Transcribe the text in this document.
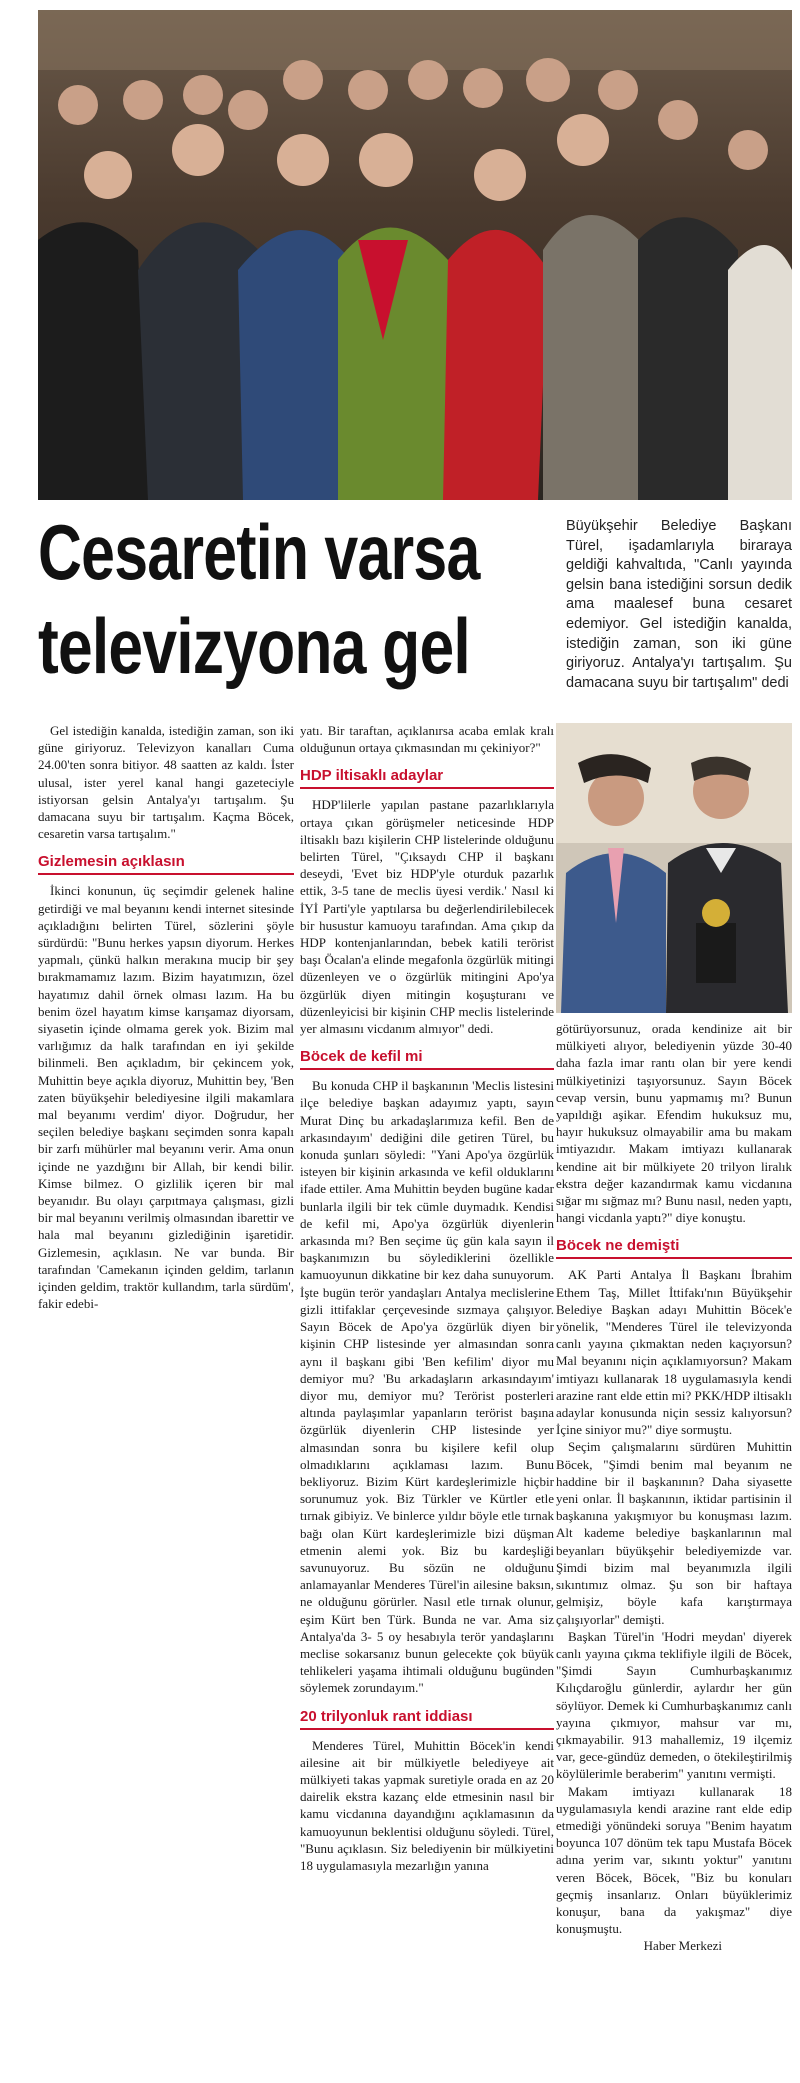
Cesaretin varsa
televizyona gel
Büyükşehir Belediye Başkanı Türel, işadamlarıyla biraraya geldiği kahvaltıda, "Canlı yayında gelsin bana istediğini sorsun dedik ama maalesef buna cesaret edemiyor. Gel istediğin kanalda, istediğin zaman, son iki güne giriyoruz. Antalya'yı tartışalım. Şu damacana suyu bir tartışalım" dedi

Gel istediğin kanalda, istediğin zaman, son iki güne giriyoruz. Televizyon kanalları Cuma 24.00'ten sonra bitiyor. 48 saatten az kaldı. İster ulusal, ister yerel kanal hangi gazeteciyle istiyorsan gelsin Antalya'yı tartışalım. Şu damacana suyu bir tartışalım. Kaçma Böcek, cesaretin varsa tartışalım."

Gizlemesin açıklasın

İkinci konunun, üç seçimdir gelenek haline getirdiği ve mal beyanını kendi internet sitesinde açıkladığını belirten Türel, sözlerini şöyle sürdürdü: "Bunu herkes yapsın diyorum. Herkes yapmalı, çünkü halkın merakına mucip bir şey bırakmamamız lazım. Bizim hayatımızın, özel hayatımız dahil örnek olması lazım. Ha bu benim özel hayatım kimse karışamaz diyorsam, siyasetin içinde olmama gerek yok. Bizim mal varlığımız da halk tarafından en iyi şekilde bilinmeli. Ben açıkladım, bir çekincem yok, Muhittin beye açıkla diyoruz, Muhittin bey, 'Ben zaten büyükşehir belediyesine ilgili makamlara mal beyanımı verdim' diyor. Doğrudur, her seçilen belediye başkanı seçimden sonra kapalı bir zarfı mühürler mal beyanını verir. Ama onun içinde ne yazdığını bir Allah, bir kendi bilir. Kimse bilmez. O gizlilik içeren bir mal beyanıdır. Bu olayı çarpıtmaya çalışması, gizli bir mal beyanını verilmiş olmasından ibarettir ve hala mal beyanını gizlediğinin işaretidir. Gizlemesin, açıklasın. Ne var bunda. Bir tarafından 'Camekanın içinden geldim, tarlanın içinden geldim, traktör kullandım, tarla sürdüm', fakir edebi-

yatı. Bir taraftan, açıklanırsa acaba emlak kralı olduğunun ortaya çıkmasından mı çekiniyor?"

HDP iltisaklı adaylar

HDP'lilerle yapılan pastane pazarlıklarıyla ortaya çıkan görüşmeler neticesinde HDP iltisaklı bazı kişilerin CHP listelerinde olduğunu belirten Türel, "Çıksaydı CHP il başkanı deseydi, 'Evet biz HDP'yle oturduk pazarlık ettik, 3-5 tane de meclis üyesi verdik.' Nasıl ki İYİ Parti'yle yaptılarsa bu değerlendirilebilecek bir husustur kamuoyu tarafından. Ama çıkıp da HDP kontenjanlarından, bebek katili terörist başı Öcalan'a elinde megafonla özgürlük mitingi düzenleyen ve o özgürlük mitingini Apo'ya özgürlük diyen mitingin koşuşturanı ve düzenleyicisi bir kişinin CHP meclis listelerinde yer almasını vicdanım almıyor" dedi.

Böcek de kefil mi

Bu konuda CHP il başkanının 'Meclis listesini ilçe belediye başkan adayımız yaptı, sayın Murat Dinç bu arkadaşlarımıza kefil. Ben de arkasındayım' dediğini dile getiren Türel, bu konuda şunları söyledi: "Yani Apo'ya özgürlük isteyen bir kişinin arkasında ve kefil olduklarını ifade ettiler. Ama Muhittin beyden bugüne kadar bunlarla ilgili bir tek cümle duymadık. Kendisi de kefil mi, Apo'ya özgürlük diyenlerin arkasında mı? Ben seçime üç gün kala sayın il başkanımızın bu söylediklerini özellikle kamuoyunun dikkatine bir kez daha sunuyorum. İşte bugün terör yandaşları Antalya meclislerine gizli ittifaklar çerçevesinde sızmaya çalışıyor. Sayın Böcek de Apo'ya özgürlük diyen bir kişinin CHP listesinde yer almasından sonra aynı il başkanı gibi 'Ben kefilim' diyor mu demiyor mu? 'Bu arkadaşların arkasındayım' diyor mu, demiyor mu? Terörist posterleri altında paylaşımlar yapanların terörist başına özgürlük diyenlerin CHP listesinde yer almasından sonra bu kişilere kefil olup olmadıklarını açıklaması lazım. Bunu bekliyoruz. Bizim Kürt kardeşlerimizle hiçbir sorunumuz yok. Biz Türkler ve Kürtler etle tırnak gibiyiz. Ve binlerce yıldır böyle etle tırnak bağı olan Kürt kardeşlerimizle bizi düşman etmenin alemi yok. Biz bu kardeşliği savunuyoruz. Bu sözün ne olduğunu anlamayanlar Menderes Türel'in ailesine baksın, ne olduğunu görürler. Nasıl etle tırnak olunur, eşim Kürt ben Türk. Bunda ne var. Ama siz Antalya'da 3- 5 oy hesabıyla terör yandaşlarını meclise sokarsanız bunun gelecekte çok büyük tehlikeleri yaşama ihtimali olduğunu bugünden söylemek zorundayım."

20 trilyonluk rant iddiası

Menderes Türel, Muhittin Böcek'in kendi ailesine ait bir mülkiyetle belediyeye ait mülkiyeti takas yapmak suretiyle orada en az 20 dairelik ekstra kazanç elde etmesinin nasıl bir kamu vicdanına dayandığını açıklamasının da kamuoyunun beklentisi olduğunu söyledi. Türel, "Bunu açıklasın. Siz belediyenin bir mülkiyetini 18 uygulamasıyla mezarlığın yanına

götürüyorsunuz, orada kendinize ait bir mülkiyeti alıyor, belediyenin yüzde 30-40 daha fazla imar rantı olan bir yere kendi mülkiyetinizi taşıyorsunuz. Sayın Böcek cevap versin, bunu yapmamış mı? Bunun yapıldığı aşikar. Efendim hukuksuz mu, hayır hukuksuz olmayabilir ama bu makam imtiyazıdır. Makam imtiyazı kullanarak kendine ait bir mülkiyete 20 trilyon liralık ekstra değer kazandırmak kamu vicdanına sığar mı sığmaz mı? Bunu nasıl, neden yaptı, hangi vicdanla yaptı?" diye konuştu.

Böcek ne demişti

AK Parti Antalya İl Başkanı İbrahim Ethem Taş, Millet İttifakı'nın Büyükşehir Belediye Başkan adayı Muhittin Böcek'e yönelik, "Menderes Türel ile televizyonda canlı yayına çıkmaktan neden kaçıyorsun? Mal beyanını niçin açıklamıyorsun? Makam imtiyazı kullanarak 18 uygulamasıyla kendi arazine rant elde ettin mi? PKK/HDP iltisaklı adaylar konusunda niçin sessiz kalıyorsun? İçine siniyor mu?" diye sormuştu.

Seçim çalışmalarını sürdüren Muhittin Böcek, "Şimdi benim mal beyanım ne haddine bir il başkanının? Daha siyasette yeni onlar. İl başkanının, iktidar partisinin il başkanına yakışmıyor bu konuşması lazım. Alt kademe belediye başkanlarının mal beyanları büyükşehir belediyemizde var. Şimdi bizim mal beyanımızla ilgili sıkıntımız olmaz. Şu son bir haftaya gelmişiz, böyle kafa karıştırmaya çalışıyorlar" demişti.

Başkan Türel'in 'Hodri meydan' diyerek canlı yayına çıkma teklifiyle ilgili de Böcek, "Şimdi Sayın Cumhurbaşkanımız Kılıçdaroğlu günlerdir, aylardır her gün söylüyor. Demek ki Cumhurbaşkanımız canlı yayına çıkmıyor, mahsur var mı, çıkmayabilir. 913 mahallemiz, 19 ilçemiz var, gece-gündüz demeden, o ötekileştirilmiş köylülerimle beraberim" yanıtını vermişti.

Makam imtiyazı kullanarak 18 uygulamasıyla kendi arazine rant elde edip etmediği yönündeki soruya "Benim hayatım boyunca 107 dönüm tek tapu Mustafa Böcek adına yerim var, sıkıntı yoktur" yanıtını veren Böcek, Böcek, "Biz bu konuları geçmiş insanlarız. Onları büyüklerimiz konuşur, bana da yakışmaz" diye konuşmuştu.

Haber Merkezi
